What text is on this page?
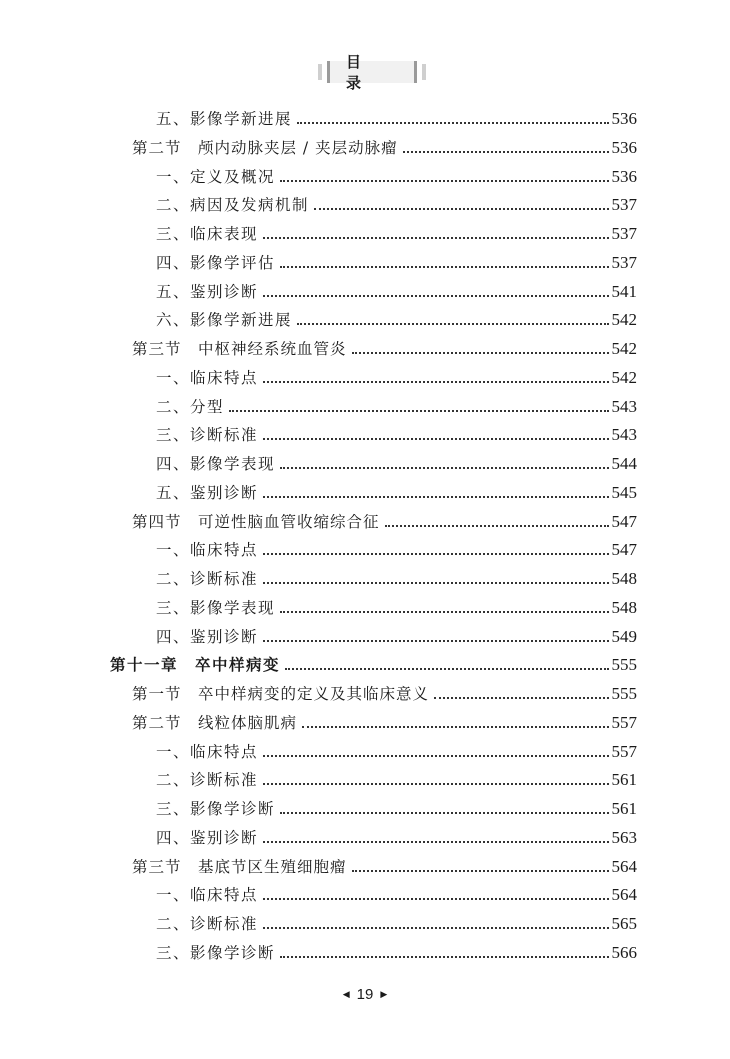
目　录
五、影像学新进展	536
第二节　颅内动脉夹层 / 夹层动脉瘤	536
一、定义及概况	536
二、病因及发病机制	537
三、临床表现	537
四、影像学评估	537
五、鉴别诊断	541
六、影像学新进展	542
第三节　中枢神经系统血管炎	542
一、临床特点	542
二、分型	543
三、诊断标准	543
四、影像学表现	544
五、鉴别诊断	545
第四节　可逆性脑血管收缩综合征	547
一、临床特点	547
二、诊断标准	548
三、影像学表现	548
四、鉴别诊断	549
第十一章　卒中样病变	555
第一节　卒中样病变的定义及其临床意义	555
第二节　线粒体脑肌病	557
一、临床特点	557
二、诊断标准	561
三、影像学诊断	561
四、鉴别诊断	563
第三节　基底节区生殖细胞瘤	564
一、临床特点	564
二、诊断标准	565
三、影像学诊断	566
◀ 19 ▶
